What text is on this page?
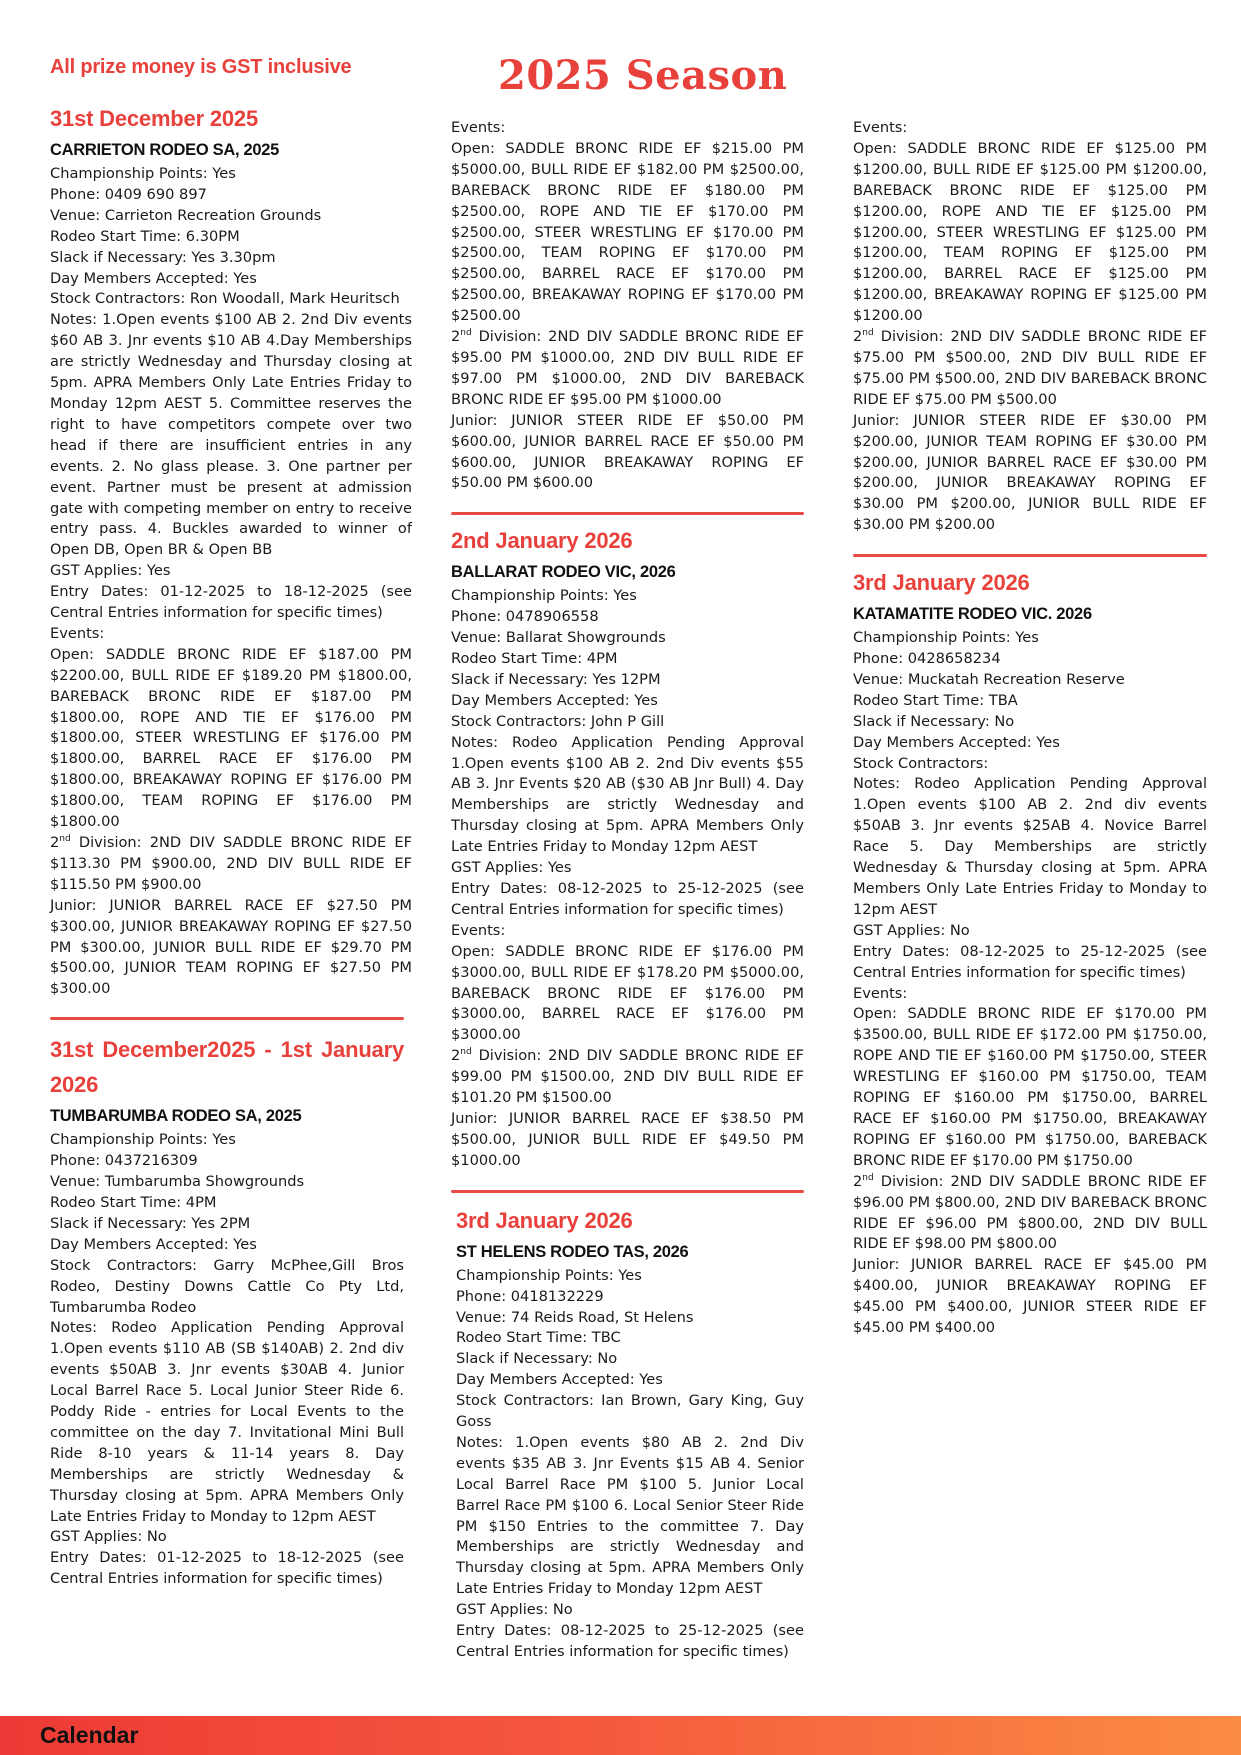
All prize money is GST inclusive	2025 Season

31st December 2025

CARRIETON RODEO SA, 2025

Championship Points: Yes

Phone: 0409 690 897

Venue: Carrieton Recreation Grounds

Rodeo Start Time: 6.30PM

Slack if Necessary: Yes 3.30pm

Day Members Accepted: Yes

Stock Contractors: Ron Woodall, Mark Heuritsch

Notes: 1.Open events $100 AB 2. 2nd Div events $60 AB 3. Jnr events $10 AB 4.Day Memberships are strictly Wednesday and Thursday closing at 5pm. APRA Members Only Late Entries Friday to Monday 12pm AEST 5. Committee reserves the right to have competitors compete over two head if there are insufficient entries in any events. 2. No glass please. 3. One partner per event. Partner must be present at admission gate with competing member on entry to receive entry pass. 4. Buckles awarded to winner of Open DB, Open BR & Open BB

GST Applies: Yes

Entry Dates: 01-12-2025 to 18-12-2025 (see Central Entries information for specific times)

Events:

Open: SADDLE BRONC RIDE EF $187.00 PM $2200.00, BULL RIDE EF $189.20 PM $1800.00, BAREBACK BRONC RIDE EF $187.00 PM $1800.00, ROPE AND TIE EF $176.00 PM $1800.00, STEER WRESTLING EF $176.00 PM $1800.00, BARREL RACE EF $176.00 PM $1800.00, BREAKAWAY ROPING EF $176.00 PM $1800.00, TEAM ROPING EF $176.00 PM $1800.00

2nd Division: 2ND DIV SADDLE BRONC RIDE EF $113.30 PM $900.00, 2ND DIV BULL RIDE EF $115.50 PM $900.00

Junior: JUNIOR BARREL RACE EF $27.50 PM $300.00, JUNIOR BREAKAWAY ROPING EF $27.50 PM $300.00, JUNIOR BULL RIDE EF $29.70 PM $500.00, JUNIOR TEAM ROPING EF $27.50 PM $300.00

31st December2025 - 1st January 2026

TUMBARUMBA RODEO SA, 2025

Championship Points: Yes

Phone: 0437216309

Venue: Tumbarumba Showgrounds

Rodeo Start Time: 4PM

Slack if Necessary: Yes 2PM

Day Members Accepted: Yes

Stock Contractors: Garry McPhee,Gill Bros Rodeo, Destiny Downs Cattle Co Pty Ltd, Tumbarumba Rodeo

Notes: Rodeo Application Pending Approval 1.Open events $110 AB (SB $140AB) 2. 2nd div events $50AB 3. Jnr events $30AB 4. Junior Local Barrel Race 5. Local Junior Steer Ride 6. Poddy Ride - entries for Local Events to the committee on the day 7. Invitational Mini Bull Ride 8-10 years & 11-14 years 8. Day Memberships are strictly Wednesday & Thursday closing at 5pm. APRA Members Only Late Entries Friday to Monday to 12pm AEST

GST Applies: No

Entry Dates: 01-12-2025 to 18-12-2025 (see Central Entries information for specific times)

Events:

Open: SADDLE BRONC RIDE EF $215.00 PM $5000.00, BULL RIDE EF $182.00 PM $2500.00, BAREBACK BRONC RIDE EF $180.00 PM $2500.00, ROPE AND TIE EF $170.00 PM $2500.00, STEER WRESTLING EF $170.00 PM $2500.00, TEAM ROPING EF $170.00 PM $2500.00, BARREL RACE EF $170.00 PM $2500.00, BREAKAWAY ROPING EF $170.00 PM $2500.00

2nd Division: 2ND DIV SADDLE BRONC RIDE EF $95.00 PM $1000.00, 2ND DIV BULL RIDE EF $97.00 PM $1000.00, 2ND DIV BAREBACK BRONC RIDE EF $95.00 PM $1000.00

Junior: JUNIOR STEER RIDE EF $50.00 PM $600.00, JUNIOR BARREL RACE EF $50.00 PM $600.00, JUNIOR BREAKAWAY ROPING EF $50.00 PM $600.00

2nd January 2026

BALLARAT RODEO VIC, 2026

Championship Points: Yes

Phone: 0478906558

Venue: Ballarat Showgrounds

Rodeo Start Time: 4PM

Slack if Necessary: Yes 12PM

Day Members Accepted: Yes

Stock Contractors: John P Gill

Notes: Rodeo Application Pending Approval 1.Open events $100 AB 2. 2nd Div events $55 AB 3. Jnr Events $20 AB ($30 AB Jnr Bull) 4. Day Memberships are strictly Wednesday and Thursday closing at 5pm. APRA Members Only Late Entries Friday to Monday 12pm AEST

GST Applies: Yes

Entry Dates: 08-12-2025 to 25-12-2025 (see Central Entries information for specific times)

Events:

Open: SADDLE BRONC RIDE EF $176.00 PM $3000.00, BULL RIDE EF $178.20 PM $5000.00, BAREBACK BRONC RIDE EF $176.00 PM $3000.00, BARREL RACE EF $176.00 PM $3000.00

2nd Division: 2ND DIV SADDLE BRONC RIDE EF $99.00 PM $1500.00, 2ND DIV BULL RIDE EF $101.20 PM $1500.00

Junior: JUNIOR BARREL RACE EF $38.50 PM $500.00, JUNIOR BULL RIDE EF $49.50 PM $1000.00

3rd January 2026

ST HELENS RODEO TAS, 2026

Championship Points: Yes

Phone: 0418132229

Venue: 74 Reids Road, St Helens

Rodeo Start Time: TBC

Slack if Necessary: No

Day Members Accepted: Yes

Stock Contractors: Ian Brown, Gary King, Guy Goss

Notes: 1.Open events $80 AB 2. 2nd Div events $35 AB 3. Jnr Events $15 AB 4. Senior Local Barrel Race PM $100 5. Junior Local Barrel Race PM $100 6. Local Senior Steer Ride PM $150 Entries to the committee 7. Day Memberships are strictly Wednesday and Thursday closing at 5pm. APRA Members Only Late Entries Friday to Monday 12pm AEST

GST Applies: No

Entry Dates: 08-12-2025 to 25-12-2025 (see Central Entries information for specific times)

Events:

Open: SADDLE BRONC RIDE EF $125.00 PM $1200.00, BULL RIDE EF $125.00 PM $1200.00, BAREBACK BRONC RIDE EF $125.00 PM $1200.00, ROPE AND TIE EF $125.00 PM $1200.00, STEER WRESTLING EF $125.00 PM $1200.00, TEAM ROPING EF $125.00 PM $1200.00, BARREL RACE EF $125.00 PM $1200.00, BREAKAWAY ROPING EF $125.00 PM $1200.00

2nd Division: 2ND DIV SADDLE BRONC RIDE EF $75.00 PM $500.00, 2ND DIV BULL RIDE EF $75.00 PM $500.00, 2ND DIV BAREBACK BRONC RIDE EF $75.00 PM $500.00

Junior: JUNIOR STEER RIDE EF $30.00 PM $200.00, JUNIOR TEAM ROPING EF $30.00 PM $200.00, JUNIOR BARREL RACE EF $30.00 PM $200.00, JUNIOR BREAKAWAY ROPING EF $30.00 PM $200.00, JUNIOR BULL RIDE EF $30.00 PM $200.00

3rd January 2026

KATAMATITE RODEO VIC. 2026

Championship Points: Yes

Phone: 0428658234

Venue: Muckatah Recreation Reserve

Rodeo Start Time: TBA

Slack if Necessary: No

Day Members Accepted: Yes

Stock Contractors:

Notes: Rodeo Application Pending Approval 1.Open events $100 AB 2. 2nd div events $50AB 3. Jnr events $25AB 4. Novice Barrel Race 5. Day Memberships are strictly Wednesday & Thursday closing at 5pm. APRA Members Only Late Entries Friday to Monday to 12pm AEST

GST Applies: No

Entry Dates: 08-12-2025 to 25-12-2025 (see Central Entries information for specific times)

Events:

Open: SADDLE BRONC RIDE EF $170.00 PM $3500.00, BULL RIDE EF $172.00 PM $1750.00, ROPE AND TIE EF $160.00 PM $1750.00, STEER WRESTLING EF $160.00 PM $1750.00, TEAM ROPING EF $160.00 PM $1750.00, BARREL RACE EF $160.00 PM $1750.00, BREAKAWAY ROPING EF $160.00 PM $1750.00, BAREBACK BRONC RIDE EF $170.00 PM $1750.00

2nd Division: 2ND DIV SADDLE BRONC RIDE EF $96.00 PM $800.00, 2ND DIV BAREBACK BRONC RIDE EF $96.00 PM $800.00, 2ND DIV BULL RIDE EF $98.00 PM $800.00

Junior: JUNIOR BARREL RACE EF $45.00 PM $400.00, JUNIOR BREAKAWAY ROPING EF $45.00 PM $400.00, JUNIOR STEER RIDE EF $45.00 PM $400.00

Calendar
